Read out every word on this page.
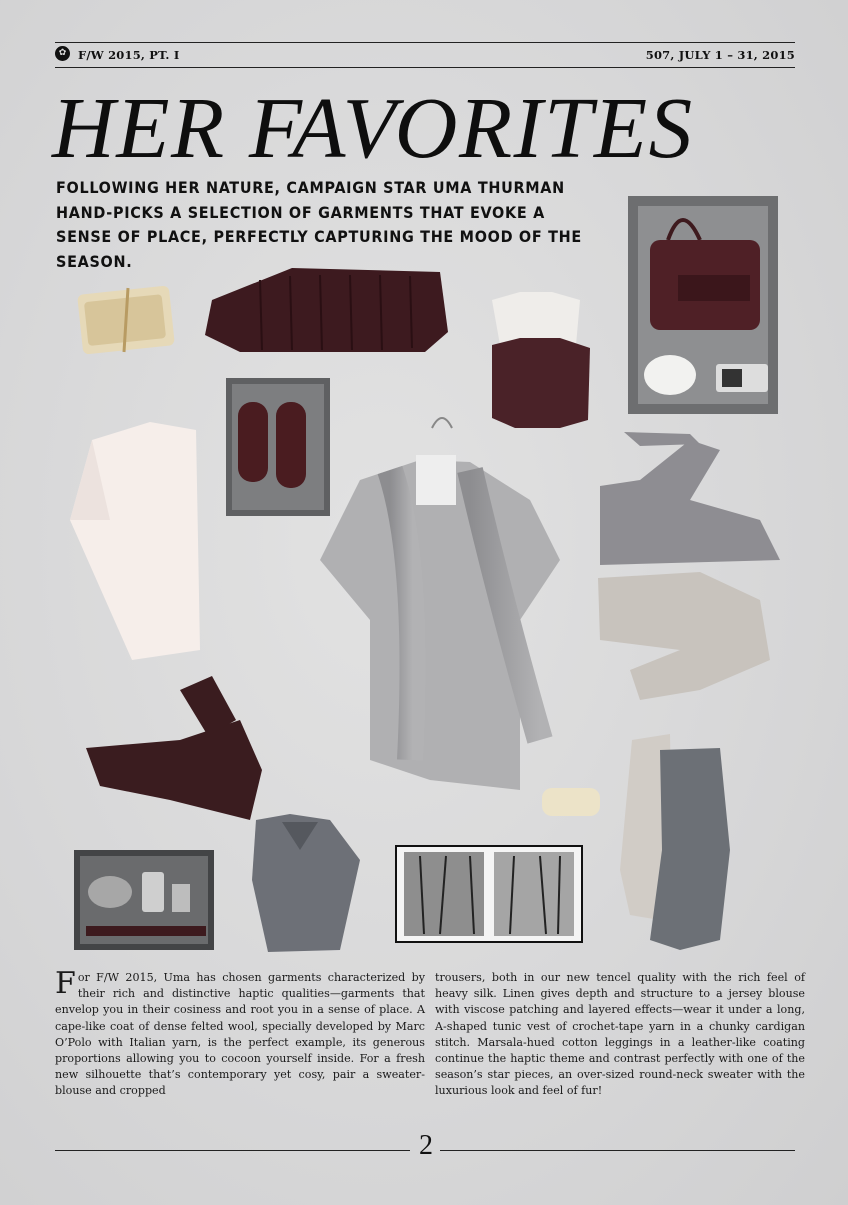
✿	F/W 2015, PT. I	507, JULY 1 – 31, 2015
HER FAVORITES
FOLLOWING HER NATURE, CAMPAIGN STAR UMA THURMAN HAND-PICKS A SELECTION OF GARMENTS THAT EVOKE A SENSE OF PLACE, PERFECTLY CAPTURING THE MOOD OF THE SEASON.
For F/W 2015, Uma has chosen garments characterized by their rich and distinctive haptic qualities—garments that envelop you in their cosiness and root you in a sense of place. A cape-like coat of dense felted wool, specially developed by Marc O’Polo with Italian yarn, is the perfect example, its generous proportions allowing you to cocoon yourself inside. For a fresh new silhouette that’s contemporary yet cosy, pair a sweater-blouse and cropped
trousers, both in our new tencel quality with the rich feel of heavy silk. Linen gives depth and structure to a jersey blouse with viscose patching and layered effects—wear it under a long, A-shaped tunic vest of crochet-tape yarn in a chunky cardigan stitch. Marsala-hued cotton leggings in a leather-like coating continue the haptic theme and contrast perfectly with one of the season’s star pieces, an over-sized round-neck sweater with the luxurious look and feel of fur!
2
